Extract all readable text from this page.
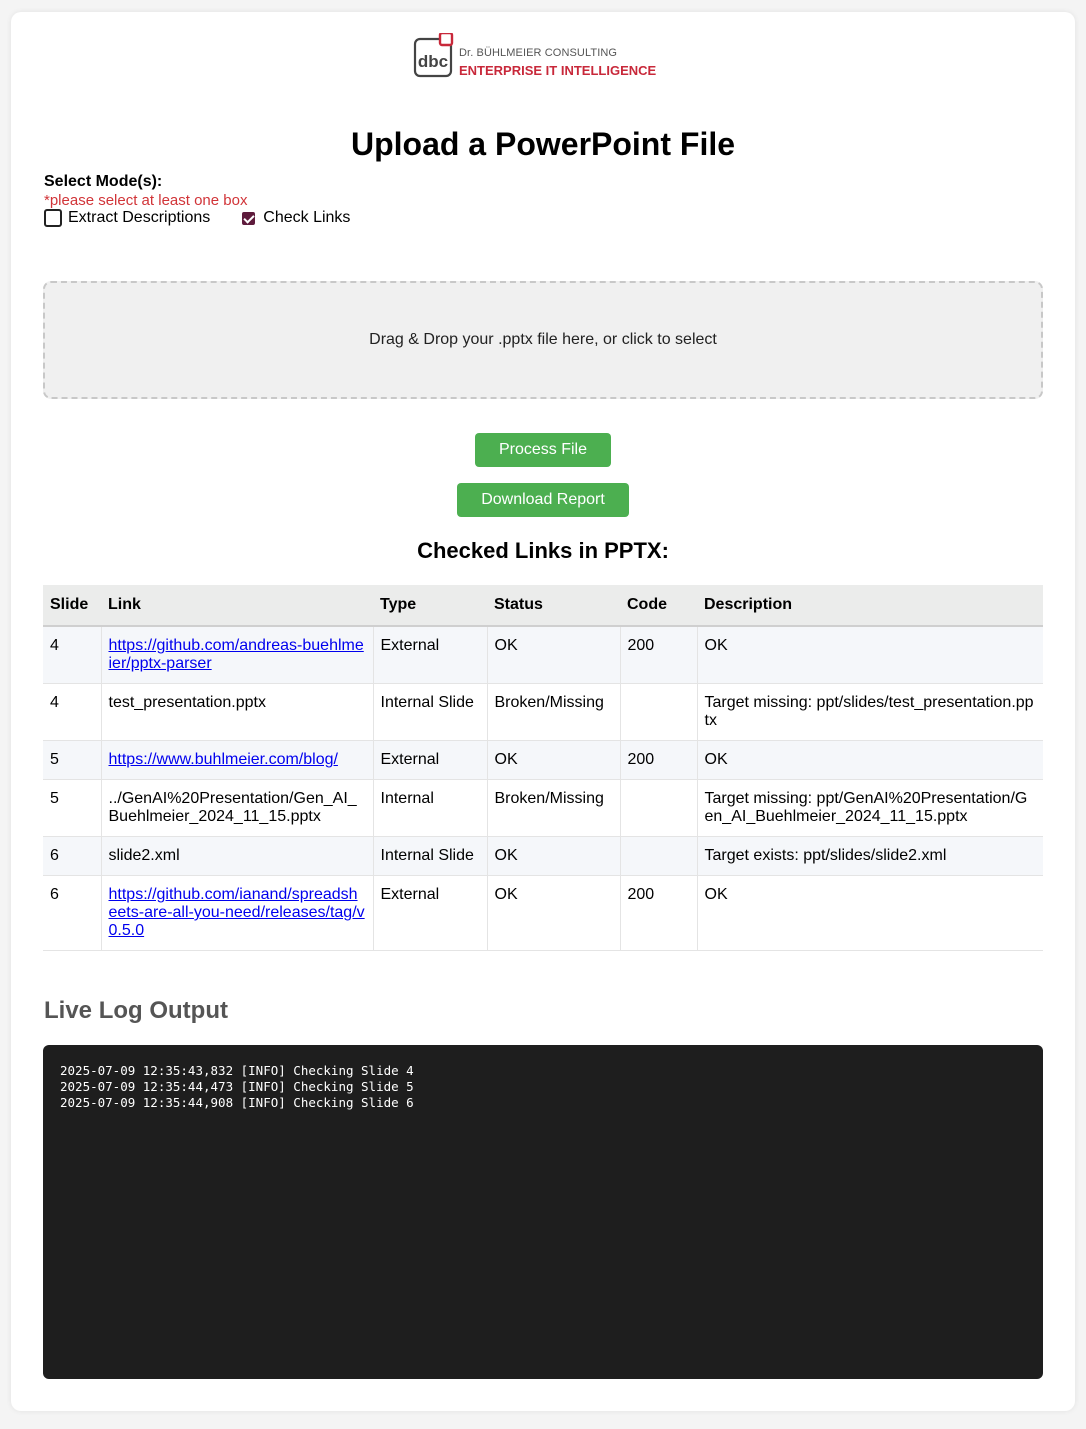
dbc Dr. BÜHLMEIER CONSULTING
ENTERPRISE IT INTELLIGENCE
Upload a PowerPoint File
Select Mode(s):
*please select at least one box
Extract Descriptions	Check Links
Drag & Drop your .pptx file here, or click to select
Process File
Download Report
Checked Links in PPTX:
Slide	Link	Type	Status	Code	Description
4	https://github.com/andreas-buehlmeier/pptx-parser	External	OK	200	OK
4	test_presentation.pptx	Internal Slide	Broken/Missing		Target missing: ppt/slides/test_presentation.pptx
5	https://www.buhlmeier.com/blog/	External	OK	200	OK
5	../GenAI%20Presentation/Gen_AI_Buehlmeier_2024_11_15.pptx	Internal	Broken/Missing		Target missing: ppt/GenAI%20Presentation/Gen_AI_Buehlmeier_2024_11_15.pptx
6	slide2.xml	Internal Slide	OK		Target exists: ppt/slides/slide2.xml
6	https://github.com/ianand/spreadsheets-are-all-you-need/releases/tag/v0.5.0	External	OK	200	OK
Live Log Output
2025-07-09 12:35:43,832 [INFO] Checking Slide 4
2025-07-09 12:35:44,473 [INFO] Checking Slide 5
2025-07-09 12:35:44,908 [INFO] Checking Slide 6
